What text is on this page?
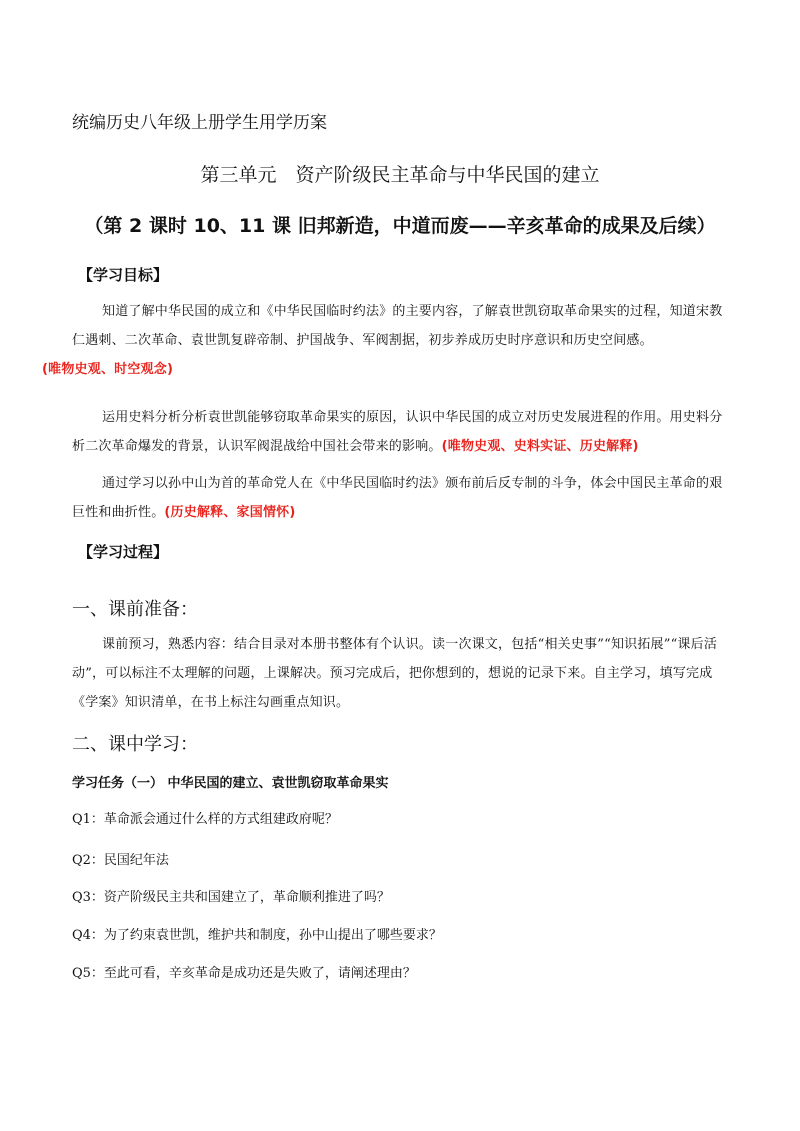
统编历史八年级上册学生用学历案
第三单元　资产阶级民主革命与中华民国的建立
（第 2 课时 10、11 课 旧邦新造，中道而废——辛亥革命的成果及后续）
【学习目标】
知道了解中华民国的成立和《中华民国临时约法》的主要内容，了解袁世凯窃取革命果实的过程，知道宋教仁遇刺、二次革命、袁世凯复辟帝制、护国战争、军阀割据，初步养成历史时序意识和历史空间感。
(唯物史观、时空观念)
运用史料分析分析袁世凯能够窃取革命果实的原因，认识中华民国的成立对历史发展进程的作用。用史料分析二次革命爆发的背景，认识军阀混战给中国社会带来的影响。(唯物史观、史料实证、历史解释)
通过学习以孙中山为首的革命党人在《中华民国临时约法》颁布前后反专制的斗争，体会中国民主革命的艰巨性和曲折性。(历史解释、家国情怀)
【学习过程】
一、课前准备：
课前预习，熟悉内容：结合目录对本册书整体有个认识。读一次课文，包括“相关史事”“知识拓展”“课后活动”，可以标注不太理解的问题，上课解决。预习完成后，把你想到的，想说的记录下来。自主学习，填写完成《学案》知识清单，在书上标注勾画重点知识。
二、课中学习：
学习任务（一） 中华民国的建立、袁世凯窃取革命果实
Q1：革命派会通过什么样的方式组建政府呢？
Q2：民国纪年法
Q3：资产阶级民主共和国建立了，革命顺利推进了吗？
Q4：为了约束袁世凯，维护共和制度，孙中山提出了哪些要求？
Q5：至此可看，辛亥革命是成功还是失败了，请阐述理由？
